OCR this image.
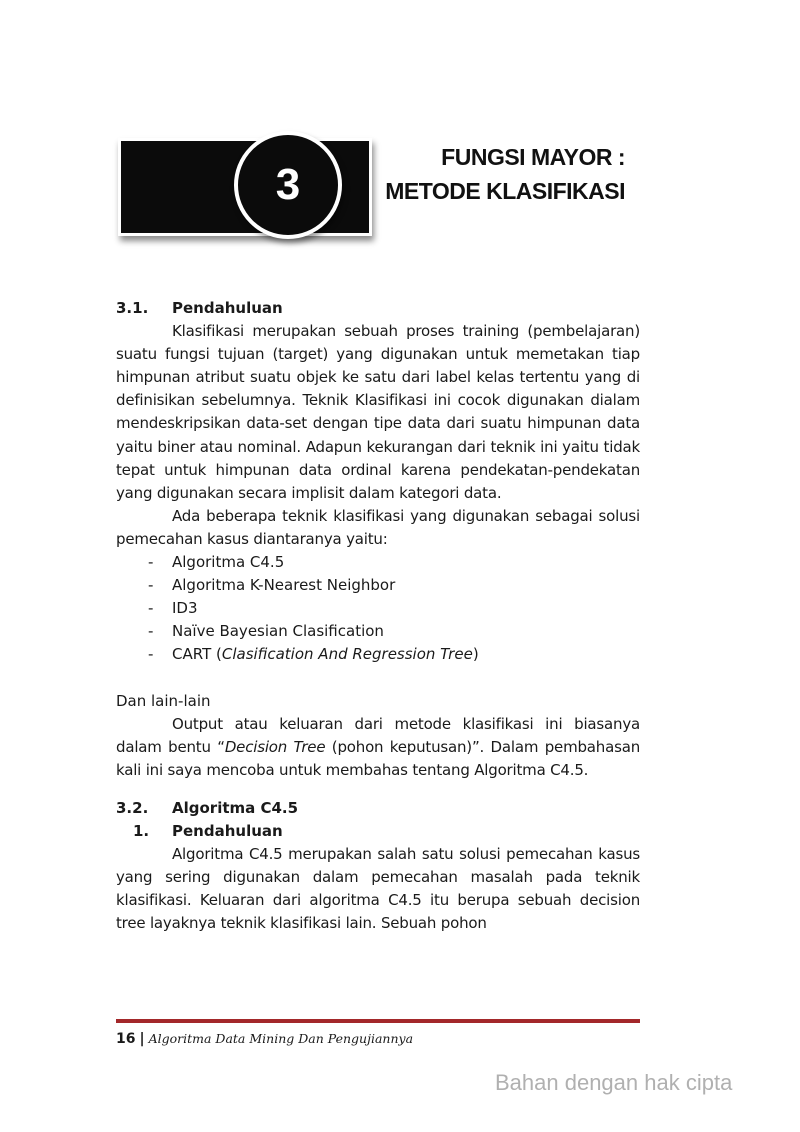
3
FUNGSI MAYOR :
METODE KLASIFIKASI
3.1. Pendahuluan
Klasifikasi merupakan sebuah proses training (pembelajaran) suatu fungsi tujuan (target) yang digunakan untuk memetakan tiap himpunan atribut suatu objek ke satu dari label kelas tertentu yang di definisikan sebelumnya. Teknik Klasifikasi ini cocok digunakan dialam mendeskripsikan data-set dengan tipe data dari suatu himpunan data yaitu biner atau nominal. Adapun kekurangan dari teknik ini yaitu tidak tepat untuk himpunan data ordinal karena pendekatan-pendekatan yang digunakan secara implisit dalam kategori data.
Ada beberapa teknik klasifikasi yang digunakan sebagai solusi pemecahan kasus diantaranya yaitu:
- Algoritma C4.5
- Algoritma K-Nearest Neighbor
- ID3
- Naïve Bayesian Clasification
- CART (Clasification And Regression Tree)
Dan lain-lain
Output atau keluaran dari metode klasifikasi ini biasanya dalam bentu “Decision Tree (pohon keputusan)”. Dalam pembahasan kali ini saya mencoba untuk membahas tentang Algoritma C4.5.
3.2. Algoritma C4.5
1. Pendahuluan
Algoritma C4.5 merupakan salah satu solusi pemecahan kasus yang sering digunakan dalam pemecahan masalah pada teknik klasifikasi. Keluaran dari algoritma C4.5 itu berupa sebuah decision tree layaknya teknik klasifikasi lain. Sebuah pohon
16 | Algoritma Data Mining Dan Pengujiannya
Bahan dengan hak cipta
